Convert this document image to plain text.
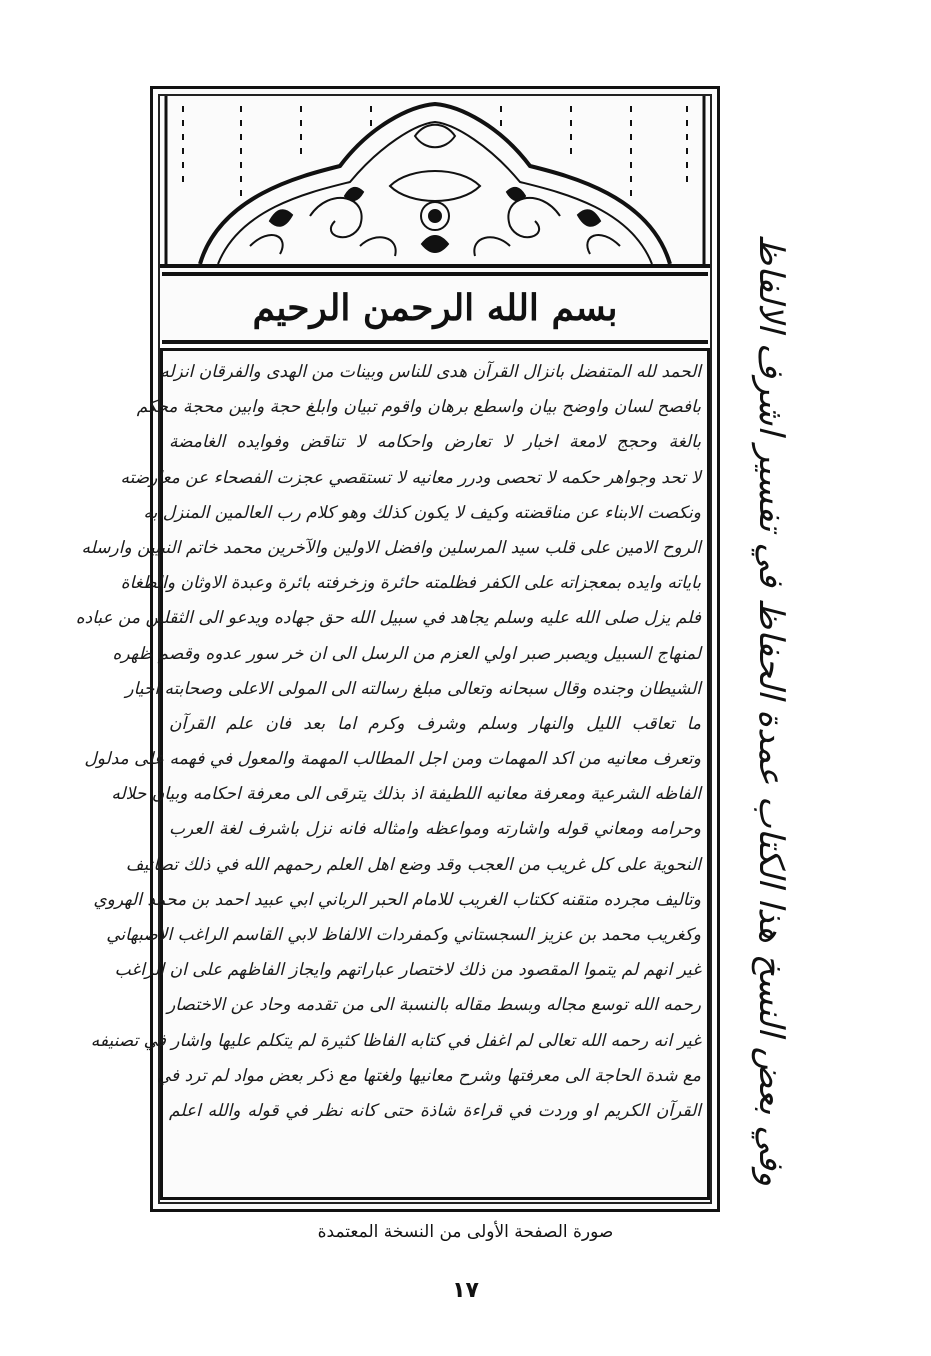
بسم الله الرحمن الرحيم
الحمد لله المتفضل بانزال القرآن هدى للناس وبينات من الهدى والفرقان انزله
بافصح لسان واوضح بيان واسطع برهان واقوم تبيان وابلغ حجة وابين محجة محكم
بالغة وحجج لامعة اخبار لا تعارض واحكامه لا تناقض وفوايده الغامضة
لا تحد وجواهر حكمه لا تحصى ودرر معانيه لا تستقصي عجزت الفصحاء عن معارضته
ونكصت الابناء عن مناقضته وكيف لا يكون كذلك وهو كلام رب العالمين المنزل به
الروح الامين على قلب سيد المرسلين وافضل الاولين والآخرين محمد خاتم النبيين وارسله
باياته وايده بمعجزاته على الكفر فظلمته حائرة وزخرفته بائرة وعبدة الاوثان والطغاة
فلم يزل صلى الله عليه وسلم يجاهد في سبيل الله حق جهاده ويدعو الى الثقلين من عباده
لمنهاج السبيل ويصبر صبر اولي العزم من الرسل الى ان خر سور عدوه وقصم ظهره
الشيطان وجنده وقال سبحانه وتعالى مبلغ رسالته الى المولى الاعلى وصحابته اخيار
ما تعاقب الليل والنهار وسلم وشرف وكرم اما بعد فان علم القرآن
وتعرف معانيه من اكد المهمات ومن اجل المطالب المهمة والمعول في فهمه على مدلول
الفاظه الشرعية ومعرفة معانيه اللطيفة اذ بذلك يترقى الى معرفة احكامه وبيان حلاله
وحرامه ومعاني قوله واشارته ومواعظه وامثاله فانه نزل باشرف لغة العرب
النحوية على كل غريب من العجب وقد وضع اهل العلم رحمهم الله في ذلك تصانيف
وتاليف مجرده متقنه ككتاب الغريب للامام الحبر الرباني ابي عبيد احمد بن محمد الهروي
وكغريب محمد بن عزيز السجستاني وكمفردات الالفاظ لابي القاسم الراغب الاصبهاني
غير انهم لم يتموا المقصود من ذلك لاختصار عباراتهم وايجاز الفاظهم على ان الراغب
رحمه الله توسع مجاله وبسط مقاله بالنسبة الى من تقدمه وحاد عن الاختصار
غير انه رحمه الله تعالى لم اغفل في كتابه الفاظا كثيرة لم يتكلم عليها واشار في تصنيفه
مع شدة الحاجة الى معرفتها وشرح معانيها ولغتها مع ذكر بعض مواد لم ترد في
القرآن الكريم او وردت في قراءة شاذة حتى كانه نظر في قوله والله اعلم وفي بعض النسخ هذا الكتاب عمدة الحفاظ في تفسير اشرف الالفاظ
صورة الصفحة الأولى من النسخة المعتمدة
١٧
